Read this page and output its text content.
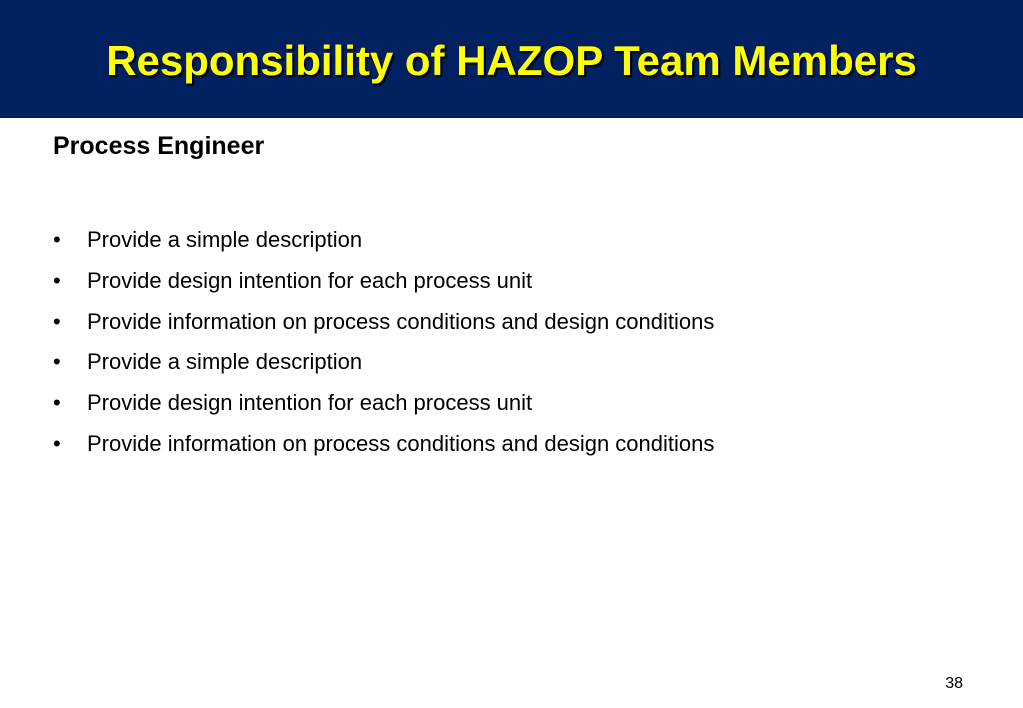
Responsibility of HAZOP Team Members
Process Engineer
•	Provide a simple description
•	Provide design intention for each process unit
•	Provide information on process conditions and design conditions
•	Provide a simple description
•	Provide design intention for each process unit
•	Provide information on process conditions and design conditions
38
